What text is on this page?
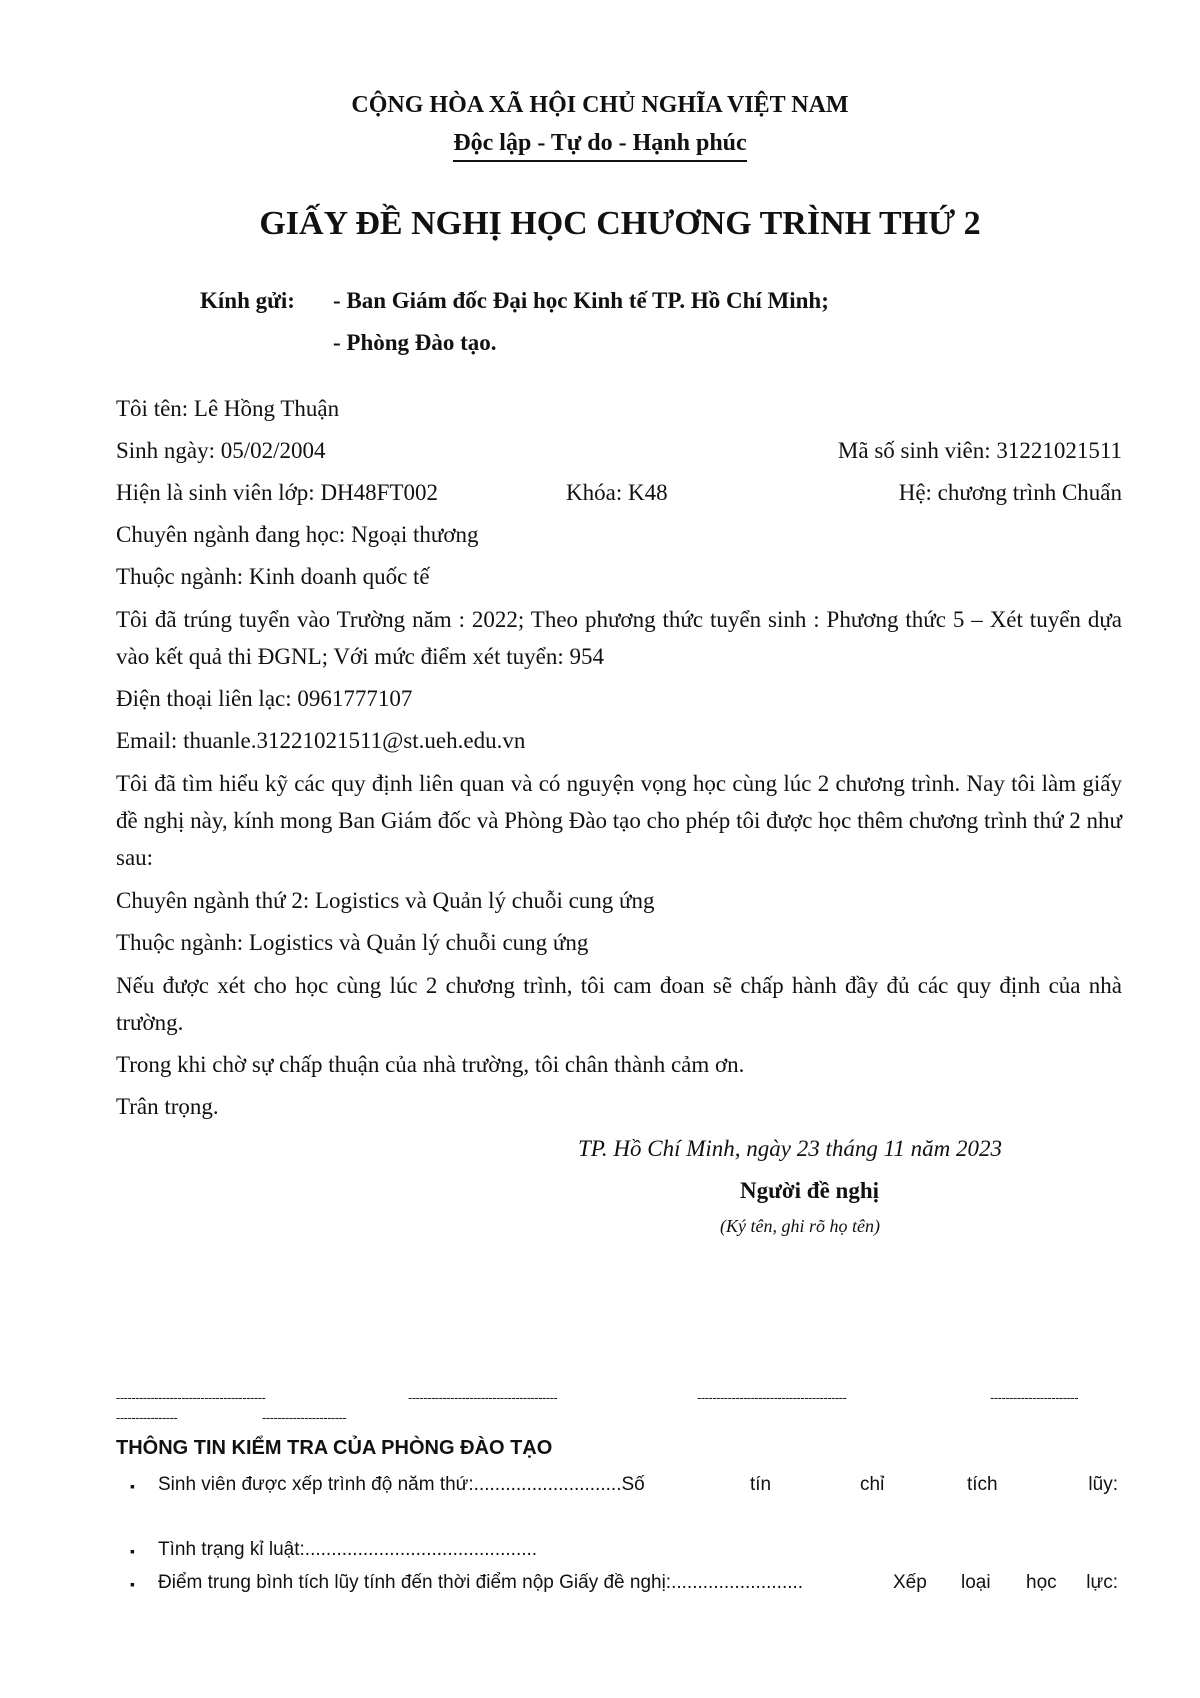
CỘNG HÒA XÃ HỘI CHỦ NGHĨA VIỆT NAM
Độc lập - Tự do - Hạnh phúc
GIẤY ĐỀ NGHỊ HỌC CHƯƠNG TRÌNH THỨ 2
Kính gửi: - Ban Giám đốc Đại học Kinh tế TP. Hồ Chí Minh;
- Phòng Đào tạo.
Tôi tên: Lê Hồng Thuận
Sinh ngày: 05/02/2004	Mã số sinh viên: 31221021511
Hiện là sinh viên lớp: DH48FT002	Khóa: K48	Hệ: chương trình Chuẩn
Chuyên ngành đang học: Ngoại thương
Thuộc ngành: Kinh doanh quốc tế
Tôi đã trúng tuyển vào Trường năm : 2022; Theo phương thức tuyển sinh : Phương thức 5 – Xét tuyển dựa vào kết quả thi ĐGNL; Với mức điểm xét tuyển: 954
Điện thoại liên lạc: 0961777107
Email: thuanle.31221021511@st.ueh.edu.vn
Tôi đã tìm hiểu kỹ các quy định liên quan và có nguyện vọng học cùng lúc 2 chương trình. Nay tôi làm giấy đề nghị này, kính mong Ban Giám đốc và Phòng Đào tạo cho phép tôi được học thêm chương trình thứ 2 như sau:
Chuyên ngành thứ 2: Logistics và Quản lý chuỗi cung ứng
Thuộc ngành: Logistics và Quản lý chuỗi cung ứng
Nếu được xét cho học cùng lúc 2 chương trình, tôi cam đoan sẽ chấp hành đầy đủ các quy định của nhà trường.
Trong khi chờ sự chấp thuận của nhà trường, tôi chân thành cảm ơn.
Trân trọng.
TP. Hồ Chí Minh, ngày 23 tháng 11 năm 2023
Người đề nghị
(Ký tên, ghi rõ họ tên)
---------------------------------------	---------------------------------------	---------------------------------------	-----------------------
----------------	----------------------
THÔNG TIN KIỂM TRA CỦA PHÒNG ĐÀO TẠO
▪ Sinh viên được xếp trình độ năm thứ:............................Số	tín	chỉ	tích	lũy:
▪ Tình trạng kỉ luật:............................................
▪ Điểm trung bình tích lũy tính đến thời điểm nộp Giấy đề nghị:.........................	Xếp loại học lực:
